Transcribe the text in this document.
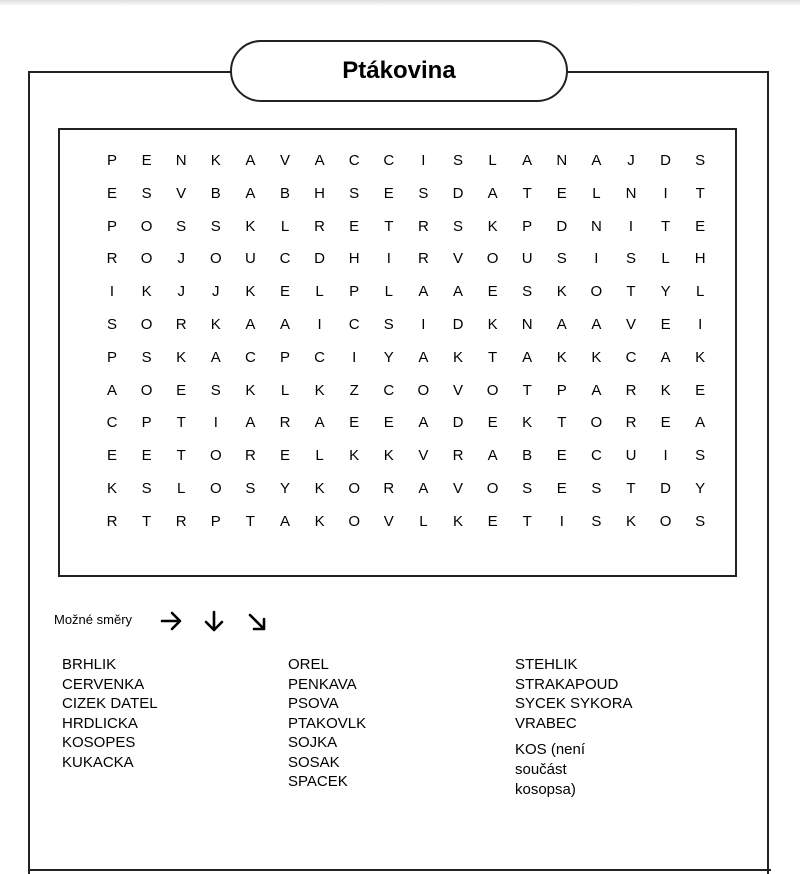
Ptákovina
P	E	N	K	A	V	A	C	C	I	S	L	A	N	A	J	D	S
E	S	V	B	A	B	H	S	E	S	D	A	T	E	L	N	I	T
P	O	S	S	K	L	R	E	T	R	S	K	P	D	N	I	T	E
R	O	J	O	U	C	D	H	I	R	V	O	U	S	I	S	L	H
I	K	J	J	K	E	L	P	L	A	A	E	S	K	O	T	Y	L
S	O	R	K	A	A	I	C	S	I	D	K	N	A	A	V	E	I
P	S	K	A	C	P	C	I	Y	A	K	T	A	K	K	C	A	K
A	O	E	S	K	L	K	Z	C	O	V	O	T	P	A	R	K	E
C	P	T	I	A	R	A	E	E	A	D	E	K	T	O	R	E	A
E	E	T	O	R	E	L	K	K	V	R	A	B	E	C	U	I	S
K	S	L	O	S	Y	K	O	R	A	V	O	S	E	S	T	D	Y
R	T	R	P	T	A	K	O	V	L	K	E	T	I	S	K	O	S
Možné směry
BRHLIK
CERVENKA
CIZEK DATEL
HRDLICKA
KOSOPES
KUKACKA
OREL
PENKAVA
PSOVA
PTAKOVLK
SOJKA
SOSAK
SPACEK
STEHLIK
STRAKAPOUD
SYCEK SYKORA
VRABEC
KOS (není součást kosopsa)
